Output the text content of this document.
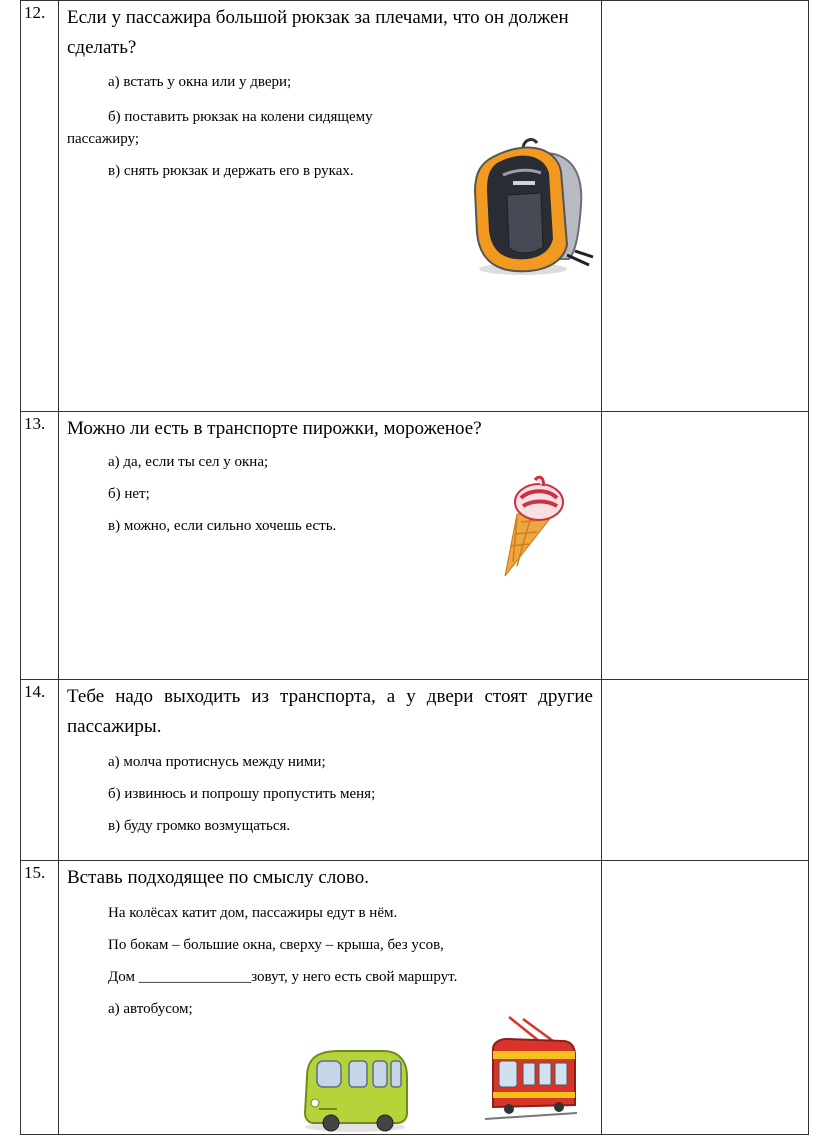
12.	Если у пассажира большой рюкзак за плечами, что он должен сделать?
а) встать у окна или у двери;
б) поставить рюкзак на колени сидящему пассажиру;
в) снять рюкзак и держать его в руках.	

13.	Можно ли есть в транспорте пирожки, мороженое?
а) да, если ты сел у окна;
б) нет;
в) можно, если сильно хочешь есть.	

14.	Тебе надо выходить из транспорта, а у двери стоят другие пассажиры.
а) молча протиснусь между ними;
б) извинюсь и попрошу пропустить меня;
в) буду громко возмущаться.	

15.	Вставь подходящее по смыслу слово.
На колёсах катит дом, пассажиры едут в нём.
По бокам – большие окна, сверху – крыша, без усов,
Дом _______________зовут, у него есть свой маршрут.
а) автобусом;	
